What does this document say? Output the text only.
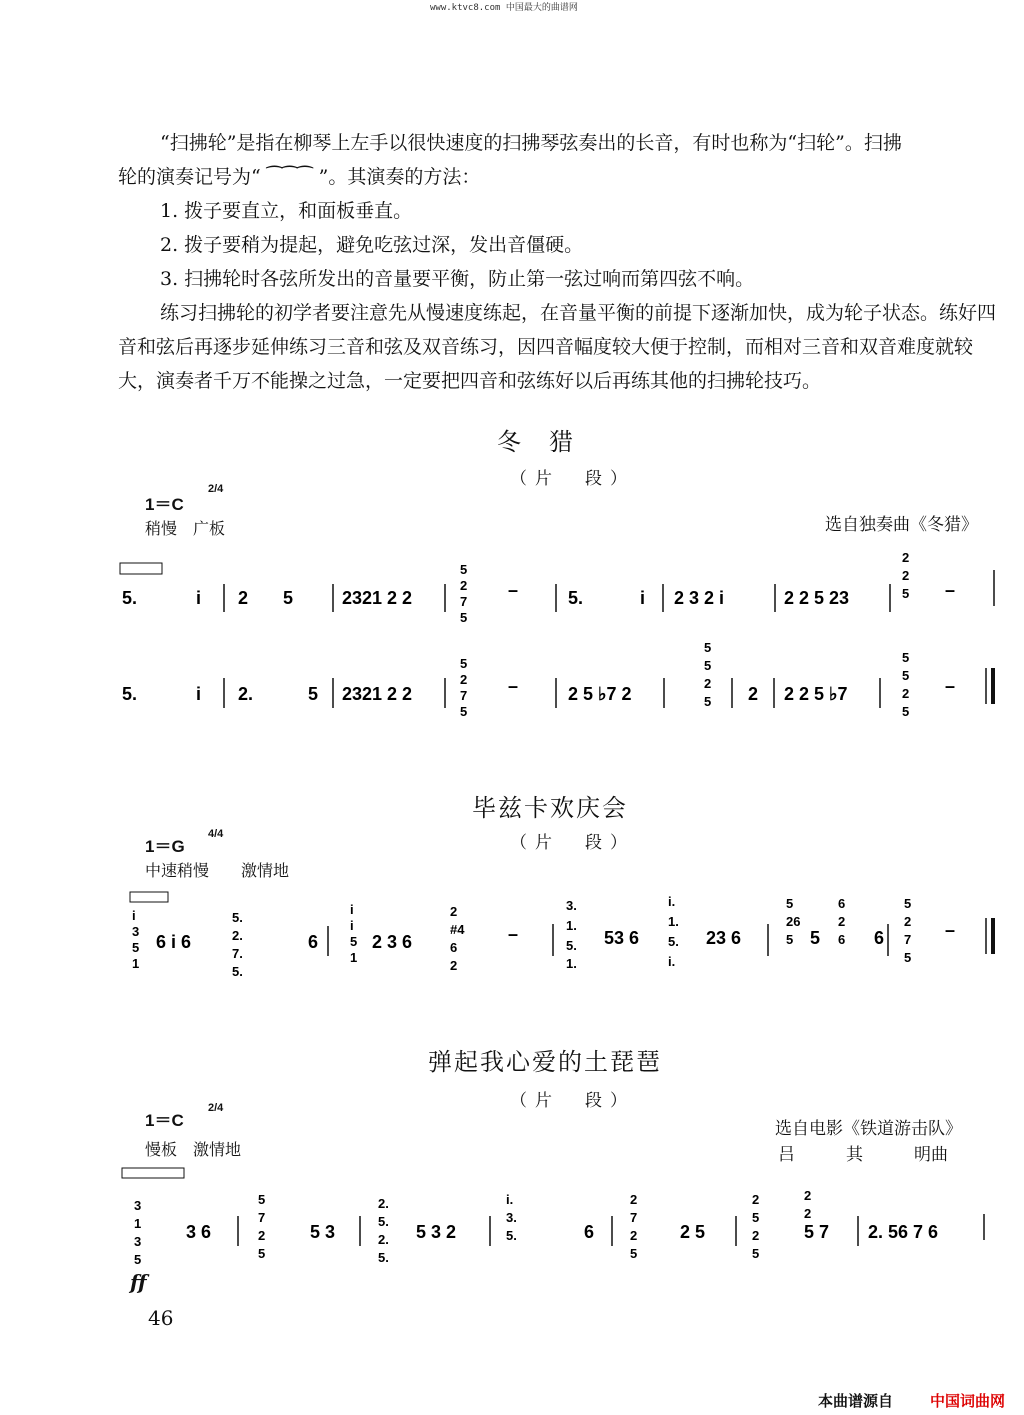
www.ktvc8.com 中国最大的曲谱网

“扫拂轮”是指在柳琴上左手以很快速度的扫拂琴弦奏出的长音，有时也称为“扫轮”。扫拂

轮的演奏记号为“ ⁀⁀⁀ ”。其演奏的方法：

1. 拨子要直立，和面板垂直。

2. 拨子要稍为提起，避免吃弦过深，发出音僵硬。

3. 扫拂轮时各弦所发出的音量要平衡，防止第一弦过响而第四弦不响。

练习扫拂轮的初学者要注意先从慢速度练起，在音量平衡的前提下逐渐加快，成为轮子状态。练好四音和弦后再逐步延伸练习三音和弦及双音练习，因四音幅度较大便于控制，而相对三音和双音难度就较大，演奏者千万不能操之过急，一定要把四音和弦练好以后再练其他的扫拂轮技巧。

冬　猎
（片　段）
1＝C
2/4
稍慢　广板	选自独奏曲《冬猎》
毕兹卡欢庆会
（片　段）
1＝G
4/4
中速稍慢　　激情地
弹起我心爱的土琵琶
（片　段）
1＝C
2/4
慢板　激情地
选自电影《铁道游击队》
吕　　　其　　　明曲
ff
46
本曲谱源自 中国词曲网
5.	i 2 5	2321 2 2
5
2
7
5
–	5.	i 2 3 2 i	2 2 5 23
2
2
5 –
5.	i 2.	5 2321 2 2
5
2
7
5
–	2 5 ♭7 2
5
5
2
5 2 2 2 5 ♭7
5
5
2
5
–
i
3
5
1
6 i 6
5.
2.
7.
5.
6
i
i
5
1
2 3 6
2
#4
6
2
–
3.
1.
5.
1.
53 6
i.
1.
5.
i.
23 6
5
26
5 5
6
2
6 6
5
2
7
5
–
3
1
3
5
3 6
5
7
2
5
5 3
2.
5.
2.
5.
5 3 2
i.
3.
5.	6
2
7
2
5
2 5
2
5
2
5
2
2
5 7 2. 56 7 6
